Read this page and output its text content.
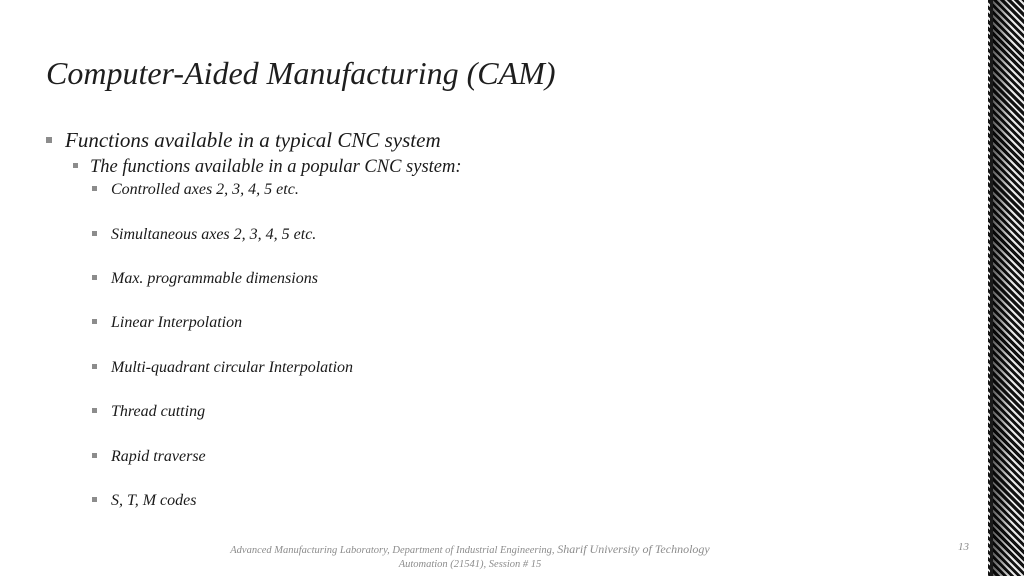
Computer-Aided Manufacturing (CAM)
Functions available in a typical CNC system
The functions available in a popular CNC system:
Controlled axes 2, 3, 4, 5 etc.
Simultaneous axes 2, 3, 4, 5 etc.
Max. programmable dimensions
Linear Interpolation
Multi-quadrant circular Interpolation
Thread cutting
Rapid traverse
S, T, M codes
Advanced Manufacturing Laboratory, Department of Industrial Engineering, Sharif University of Technology
Automation (21541), Session # 15
13
